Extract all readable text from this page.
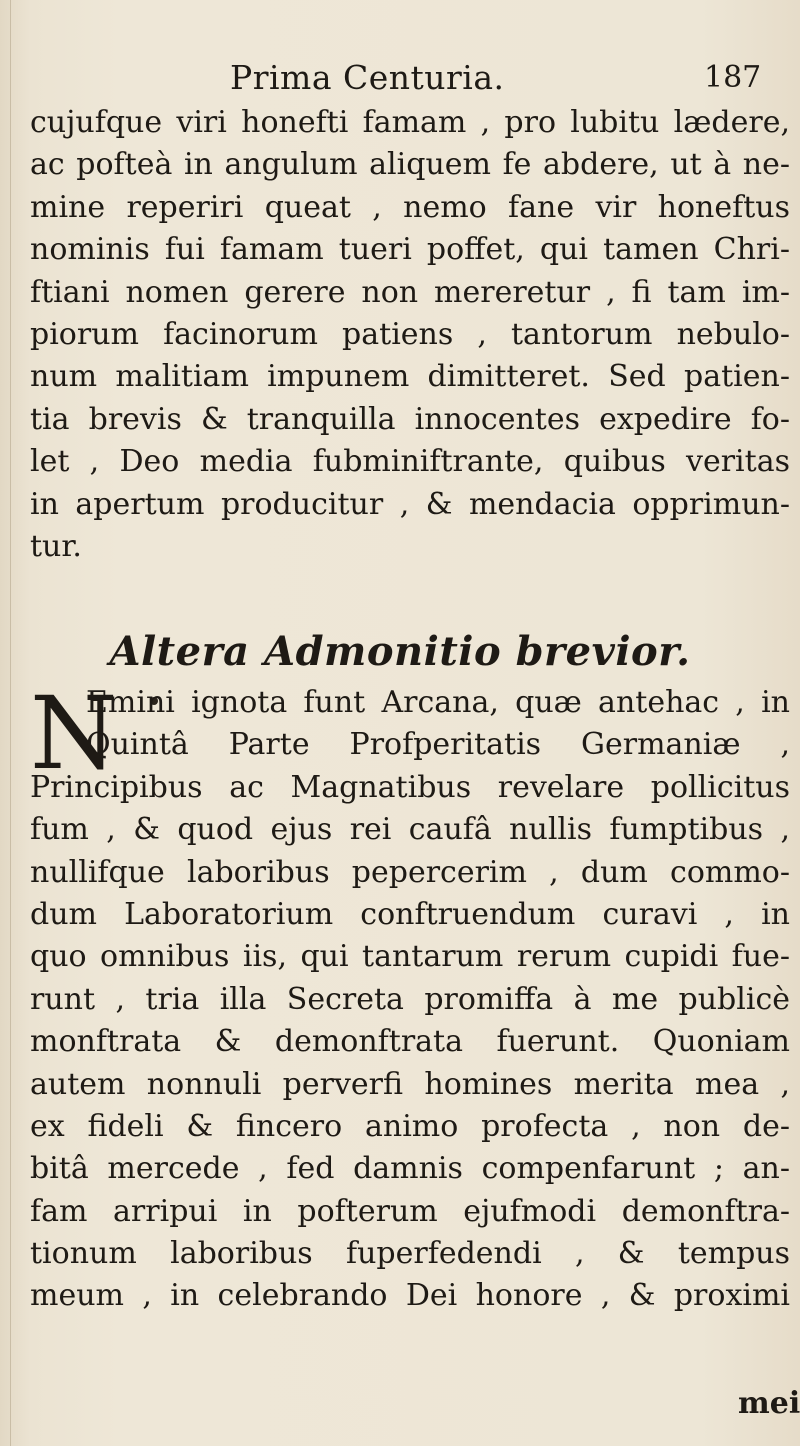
Prima Centuria.	187
cujufque viri honefti famam , pro lubitu lædere,
ac pofteà in angulum aliquem fe abdere, ut à ne-
mine reperiri queat , nemo fane vir honeftus
nominis fui famam tueri poffet, qui tamen Chri-
ftiani nomen gerere non mereretur , fi tam im-
piorum facinorum patiens , tantorum nebulo-
num malitiam impunem dimitteret. Sed patien-
tia brevis & tranquilla innocentes expedire fo-
let , Deo media fubminiftrante, quibus veritas
in apertum producitur , & mendacia opprimun-
tur.
Altera Admonitio brevior.
N
Emini ignota funt Arcana, quæ antehac , in
Quintâ Parte Profperitatis Germaniæ ,
Principibus ac Magnatibus revelare pollicitus
fum , & quod ejus rei caufâ nullis fumptibus ,
nullifque laboribus pepercerim , dum commo-
dum Laboratorium conftruendum curavi , in
quo omnibus iis, qui tantarum rerum cupidi fue-
runt , tria illa Secreta promiffa à me publicè
monftrata & demonftrata fuerunt. Quoniam
autem nonnuli perverfi homines merita mea ,
ex fideli & fincero animo profecta , non de-
bitâ mercede , fed damnis compenfarunt ; an-
fam arripui in pofterum ejufmodi demonftra-
tionum laboribus fuperfedendi , & tempus
meum , in celebrando Dei honore , & proximi
mei
